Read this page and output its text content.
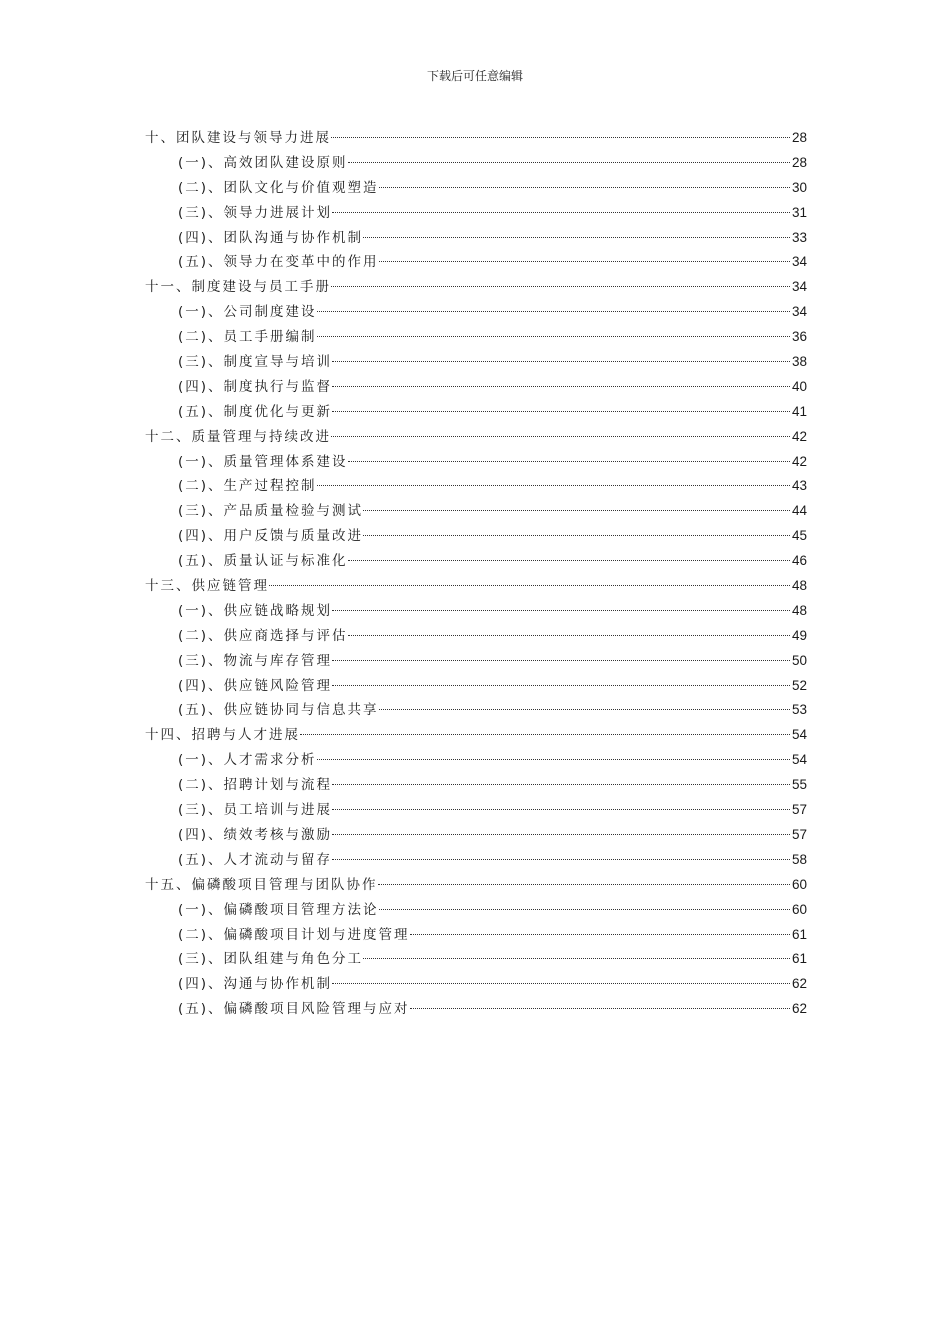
下载后可任意编辑
十、团队建设与领导力进展	28
(一)、高效团队建设原则	28
(二)、团队文化与价值观塑造	30
(三)、领导力进展计划	31
(四)、团队沟通与协作机制	33
(五)、领导力在变革中的作用	34
十一、制度建设与员工手册	34
(一)、公司制度建设	34
(二)、员工手册编制	36
(三)、制度宣导与培训	38
(四)、制度执行与监督	40
(五)、制度优化与更新	41
十二、质量管理与持续改进	42
(一)、质量管理体系建设	42
(二)、生产过程控制	43
(三)、产品质量检验与测试	44
(四)、用户反馈与质量改进	45
(五)、质量认证与标准化	46
十三、供应链管理	48
(一)、供应链战略规划	48
(二)、供应商选择与评估	49
(三)、物流与库存管理	50
(四)、供应链风险管理	52
(五)、供应链协同与信息共享	53
十四、招聘与人才进展	54
(一)、人才需求分析	54
(二)、招聘计划与流程	55
(三)、员工培训与进展	57
(四)、绩效考核与激励	57
(五)、人才流动与留存	58
十五、偏磷酸项目管理与团队协作	60
(一)、偏磷酸项目管理方法论	60
(二)、偏磷酸项目计划与进度管理	61
(三)、团队组建与角色分工	61
(四)、沟通与协作机制	62
(五)、偏磷酸项目风险管理与应对	62
